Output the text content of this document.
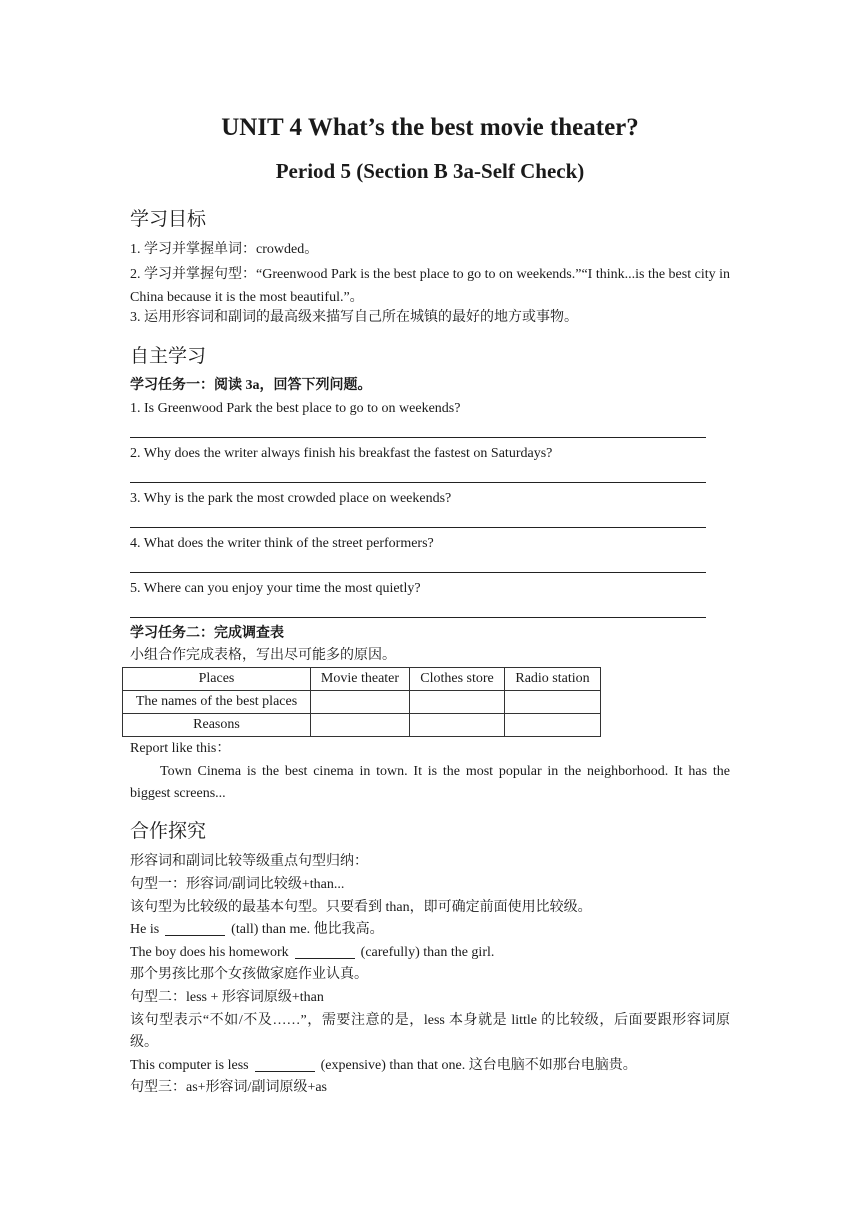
UNIT 4 What’s the best movie theater?
Period 5 (Section B 3a-Self Check)
学习目标
1. 学习并掌握单词：crowded。
2. 学习并掌握句型：“Greenwood Park is the best place to go to on weekends.”“I think...is the best city in China because it is the most beautiful.”。
3. 运用形容词和副词的最高级来描写自己所在城镇的最好的地方或事物。
自主学习
学习任务一：阅读 3a，回答下列问题。
1. Is Greenwood Park the best place to go to on weekends?
2. Why does the writer always finish his breakfast the fastest on Saturdays?
3. Why is the park the most crowded place on weekends?
4. What does the writer think of the street performers?
5. Where can you enjoy your time the most quietly?
学习任务二：完成调查表
小组合作完成表格，写出尽可能多的原因。
Places	Movie theater	Clothes store	Radio station
The names of the best places			
Reasons			
Report like this：
Town Cinema is the best cinema in town. It is the most popular in the neighborhood. It has the biggest screens...
合作探究
形容词和副词比较等级重点句型归纳：
句型一：形容词/副词比较级+than...
该句型为比较级的最基本句型。只要看到 than，即可确定前面使用比较级。
He is	(tall) than me. 他比我高。
The boy does his homework	(carefully) than the girl.
那个男孩比那个女孩做家庭作业认真。
句型二：less + 形容词原级+than
该句型表示“不如/不及……”，需要注意的是，less 本身就是 little 的比较级，后面要跟形容词原级。
This computer is less	(expensive) than that one. 这台电脑不如那台电脑贵。
句型三：as+形容词/副词原级+as
